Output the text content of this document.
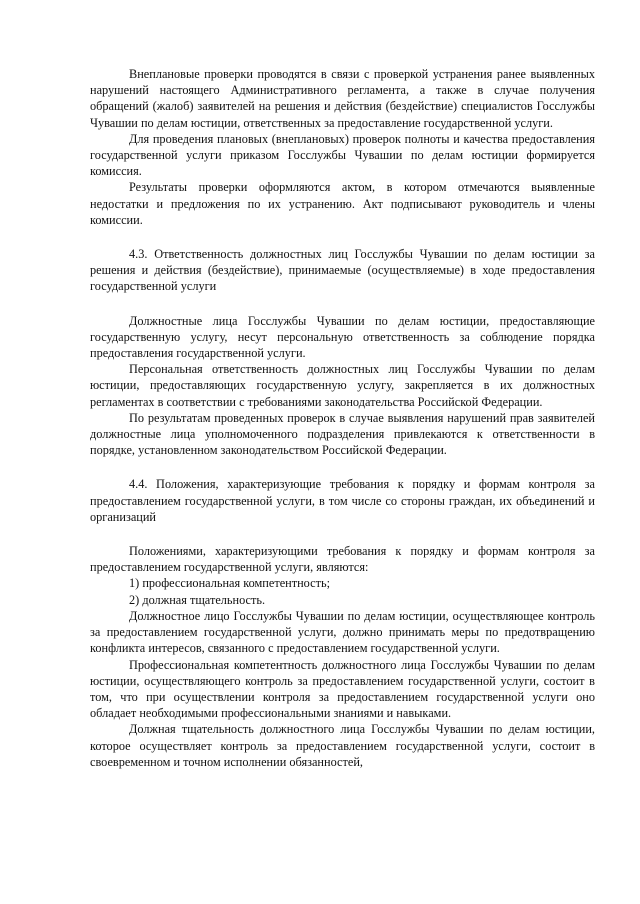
Внеплановые проверки проводятся в связи с проверкой устранения ранее выявленных нарушений настоящего Административного регламента, а также в случае получения обращений (жалоб) заявителей на решения и действия (бездействие) специалистов Госслужбы Чувашии по делам юстиции, ответственных за предоставление государственной услуги.

Для проведения плановых (внеплановых) проверок полноты и качества предоставления государственной услуги приказом Госслужбы Чувашии по делам юстиции формируется комиссия.

Результаты проверки оформляются актом, в котором отмечаются выявленные недостатки и предложения по их устранению. Акт подписывают руководитель и члены комиссии.

4.3. Ответственность должностных лиц Госслужбы Чувашии по делам юстиции за решения и действия (бездействие), принимаемые (осуществляемые) в ходе предоставления государственной услуги

Должностные лица Госслужбы Чувашии по делам юстиции, предоставляющие государственную услугу, несут персональную ответственность за соблюдение порядка предоставления государственной услуги.

Персональная ответственность должностных лиц Госслужбы Чувашии по делам юстиции, предоставляющих государственную услугу, закрепляется в их должностных регламентах в соответствии с требованиями законодательства Российской Федерации.

По результатам проведенных проверок в случае выявления нарушений прав заявителей должностные лица уполномоченного подразделения привлекаются к ответственности в порядке, установленном законодательством Российской Федерации.

4.4. Положения, характеризующие требования к порядку и формам контроля за предоставлением государственной услуги, в том числе со стороны граждан, их объединений и организаций

Положениями, характеризующими требования к порядку и формам контроля за предоставлением государственной услуги, являются:

1) профессиональная компетентность;

2) должная тщательность.

Должностное лицо Госслужбы Чувашии по делам юстиции, осуществляющее контроль за предоставлением государственной услуги, должно принимать меры по предотвращению конфликта интересов, связанного с предоставлением государственной услуги.

Профессиональная компетентность должностного лица Госслужбы Чувашии по делам юстиции, осуществляющего контроль за предоставлением государственной услуги, состоит в том, что при осуществлении контроля за предоставлением государственной услуги оно обладает необходимыми профессиональными знаниями и навыками.

Должная тщательность должностного лица Госслужбы Чувашии по делам юстиции, которое осуществляет контроль за предоставлением государственной услуги, состоит в своевременном и точном исполнении обязанностей,
